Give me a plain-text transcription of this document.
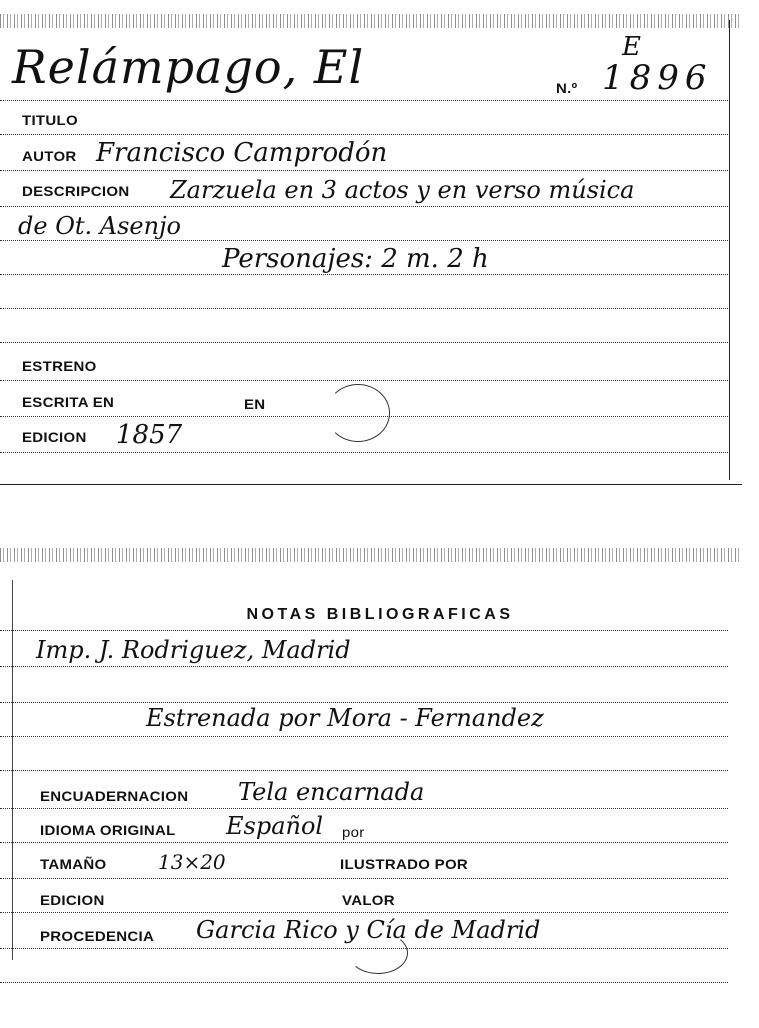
Relámpago, El	N.º
E
1896
TITULO
AUTOR Francisco Camprodón
DESCRIPCION Zarzuela en 3 actos y en verso música
de Ot. Asenjo
Personajes: 2 m. 2 h
ESTRENO
ESCRITA EN	EN
EDICION 1857
NOTAS BIBLIOGRAFICAS
Imp. J. Rodriguez, Madrid
Estrenada por Mora - Fernandez
ENCUADERNACION Tela encarnada
IDIOMA ORIGINAL Español por
TAMAÑO	13×20	ILUSTRADO POR
EDICION	VALOR
PROCEDENCIA Garcia Rico y Cía de Madrid
